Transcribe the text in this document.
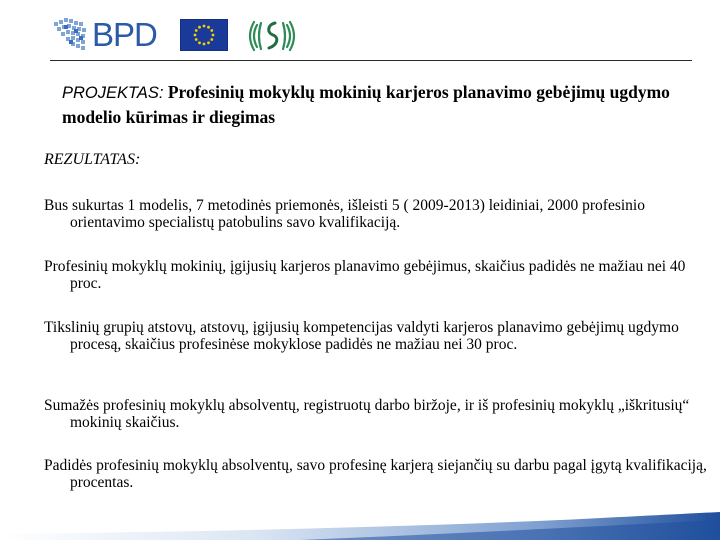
BPD
PROJEKTAS: Profesinių mokyklų mokinių karjeros planavimo gebėjimų ugdymo modelio kūrimas ir diegimas
REZULTATAS:
Bus sukurtas 1 modelis, 7 metodinės priemonės, išleisti 5 ( 2009-2013) leidiniai, 2000 profesinio orientavimo specialistų patobulins savo kvalifikaciją.
Profesinių mokyklų mokinių, įgijusių karjeros planavimo gebėjimus, skaičius padidės ne mažiau nei 40 proc.
Tikslinių grupių atstovų, atstovų, įgijusių kompetencijas valdyti karjeros planavimo gebėjimų ugdymo procesą, skaičius profesinėse mokyklose padidės ne mažiau nei 30 proc.
Sumažės profesinių mokyklų absolventų, registruotų darbo biržoje, ir iš profesinių mokyklų „iškritusių“ mokinių skaičius.
Padidės profesinių mokyklų absolventų, savo profesinę karjerą siejančių su darbu pagal įgytą kvalifikaciją, procentas.
